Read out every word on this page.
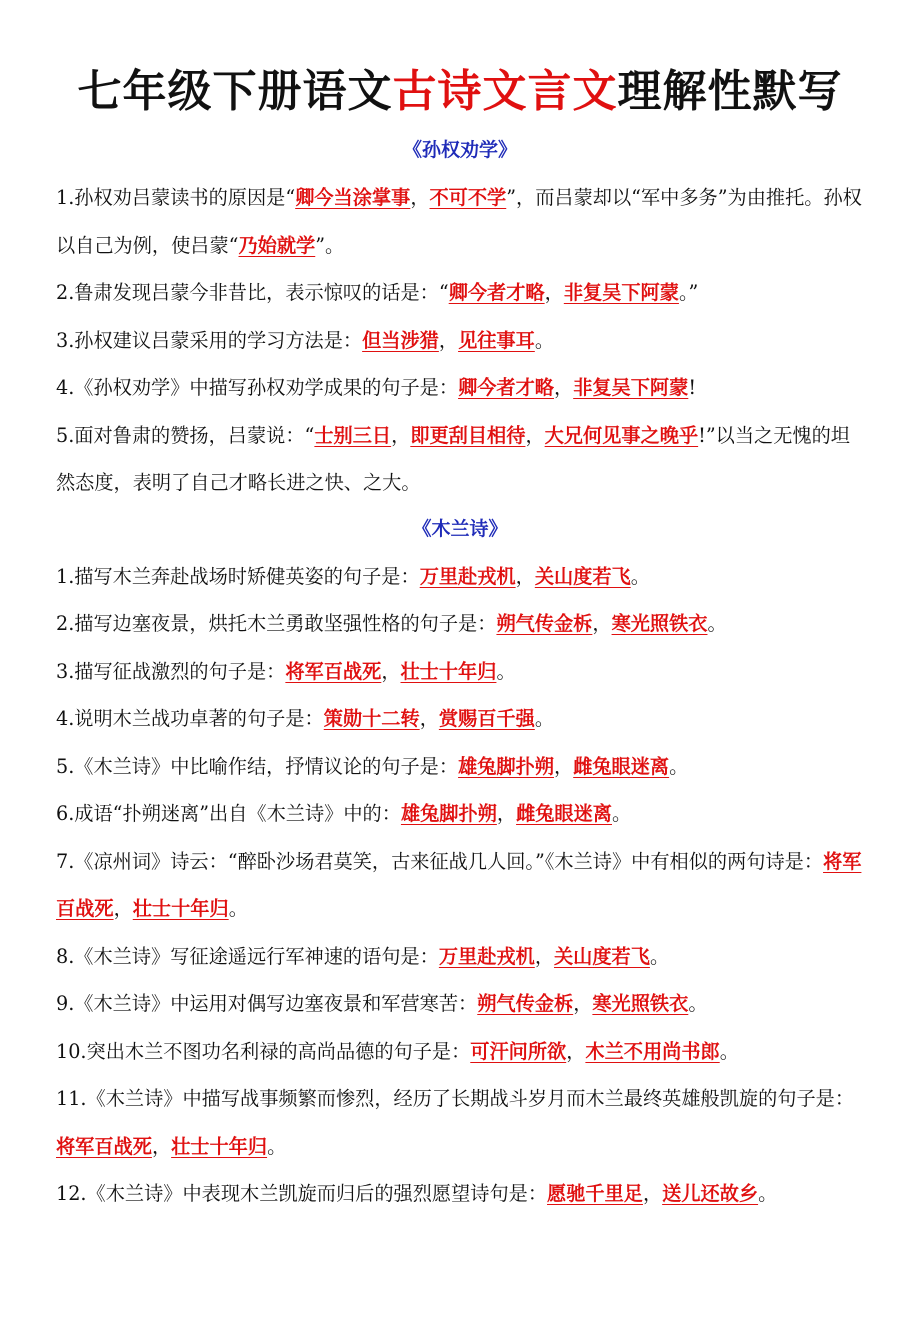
七年级下册语文古诗文言文理解性默写
《孙权劝学》

1.孙权劝吕蒙读书的原因是“卿今当涂掌事，不可不学”，而吕蒙却以“军中多务”为由推托。孙权以自己为例，使吕蒙“乃始就学”。

2.鲁肃发现吕蒙今非昔比，表示惊叹的话是：“卿今者才略，非复吴下阿蒙。”

3.孙权建议吕蒙采用的学习方法是：但当涉猎，见往事耳。

4.《孙权劝学》中描写孙权劝学成果的句子是：卿今者才略，非复吴下阿蒙!

5.面对鲁肃的赞扬，吕蒙说：“士别三日，即更刮目相待，大兄何见事之晚乎!”以当之无愧的坦然态度，表明了自己才略长进之快、之大。

《木兰诗》

1.描写木兰奔赴战场时矫健英姿的句子是：万里赴戎机，关山度若飞。

2.描写边塞夜景，烘托木兰勇敢坚强性格的句子是：朔气传金柝，寒光照铁衣。

3.描写征战激烈的句子是：将军百战死，壮士十年归。

4.说明木兰战功卓著的句子是：策勋十二转，赏赐百千强。

5.《木兰诗》中比喻作结，抒情议论的句子是：雄兔脚扑朔，雌兔眼迷离。

6.成语“扑朔迷离”出自《木兰诗》中的：雄兔脚扑朔，雌兔眼迷离。

7.《凉州词》诗云：“醉卧沙场君莫笑，古来征战几人回。”《木兰诗》中有相似的两句诗是：将军百战死，壮士十年归。

8.《木兰诗》写征途遥远行军神速的语句是：万里赴戎机，关山度若飞。

9.《木兰诗》中运用对偶写边塞夜景和军营寒苦：朔气传金柝，寒光照铁衣。

10.突出木兰不图功名利禄的高尚品德的句子是：可汗问所欲，木兰不用尚书郎。

11.《木兰诗》中描写战事频繁而惨烈，经历了长期战斗岁月而木兰最终英雄般凯旋的句子是：将军百战死，壮士十年归。

12.《木兰诗》中表现木兰凯旋而归后的强烈愿望诗句是：愿驰千里足，送儿还故乡。
